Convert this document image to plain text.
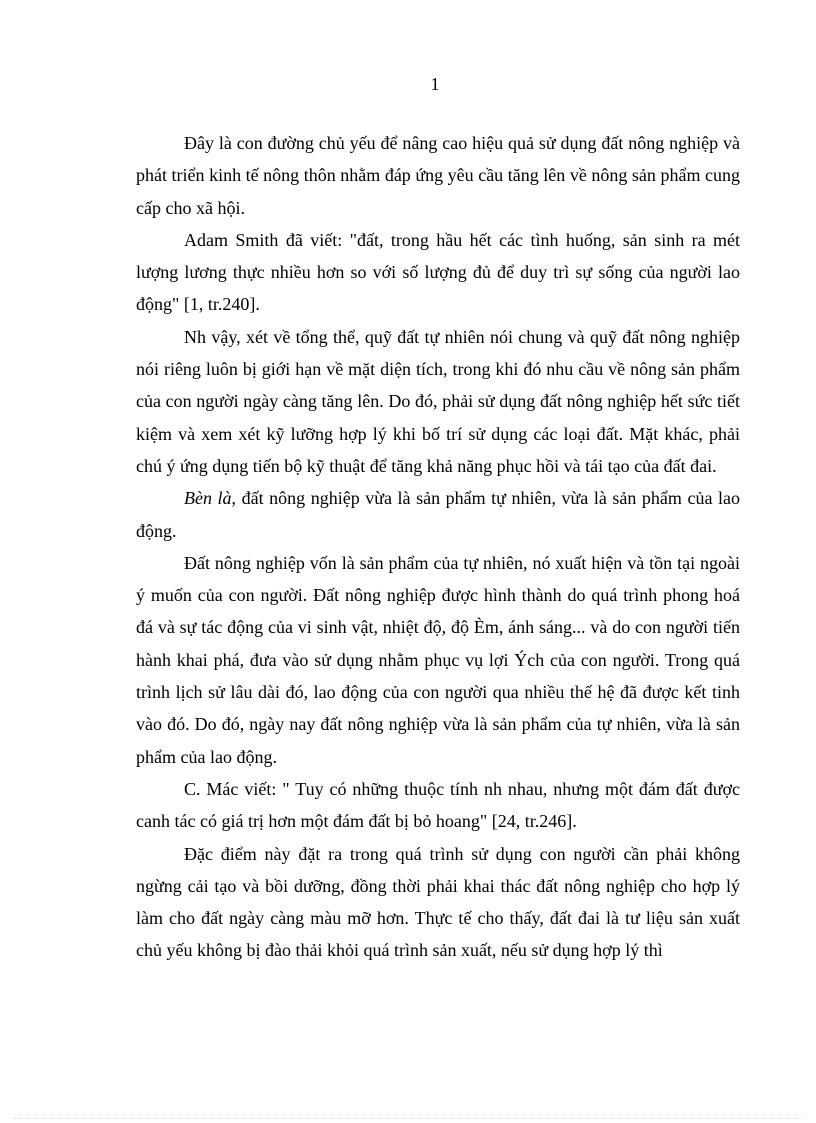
1

Đây là con đường chủ yếu để nâng cao hiệu quả sử dụng đất nông nghiệp và phát triển kinh tế nông thôn nhằm đáp ứng yêu cầu tăng lên về nông sản phẩm cung cấp cho xã hội.

Adam Smith đã viết: "đất, trong hầu hết các tình huống, sản sinh ra mét lượng lương thực nhiều hơn so với số lượng đủ để duy trì sự sống của người lao động" [1, tr.240].

Nh vậy, xét về tổng thể, quỹ đất tự nhiên nói chung và quỹ đất nông nghiệp nói riêng luôn bị giới hạn về mặt diện tích, trong khi đó nhu cầu về nông sản phẩm của con người ngày càng tăng lên. Do đó, phải sử dụng đất nông nghiệp hết sức tiết kiệm và xem xét kỹ lưỡng hợp lý khi bố trí sử dụng các loại đất. Mặt khác, phải chú ý ứng dụng tiến bộ kỹ thuật để tăng khả năng phục hồi và tái tạo của đất đai.

Bèn là, đất nông nghiệp vừa là sản phẩm tự nhiên, vừa là sản phẩm của lao động.

Đất nông nghiệp vốn là sản phẩm của tự nhiên, nó xuất hiện và tồn tại ngoài ý muốn của con người. Đất nông nghiệp được hình thành do quá trình phong hoá đá và sự tác động của vi sinh vật, nhiệt độ, độ Èm, ánh sáng... và do con người tiến hành khai phá, đưa vào sử dụng nhằm phục vụ lợi Ých của con người. Trong quá trình lịch sử lâu dài đó, lao động của con người qua nhiều thế hệ đã được kết tinh vào đó. Do đó, ngày nay đất nông nghiệp vừa là sản phẩm của tự nhiên, vừa là sản phẩm của lao động.

C. Mác viết: " Tuy có những thuộc tính nh nhau, nhưng một đám đất được canh tác có giá trị hơn một đám đất bị bỏ hoang" [24, tr.246].

Đặc điểm này đặt ra trong quá trình sử dụng con người cần phải không ngừng cải tạo và bồi dưỡng, đồng thời phải khai thác đất nông nghiệp cho hợp lý làm cho đất ngày càng màu mỡ hơn. Thực tế cho thấy, đất đai là tư liệu sản xuất chủ yếu không bị đào thải khỏi quá trình sản xuất, nếu sử dụng hợp lý thì
